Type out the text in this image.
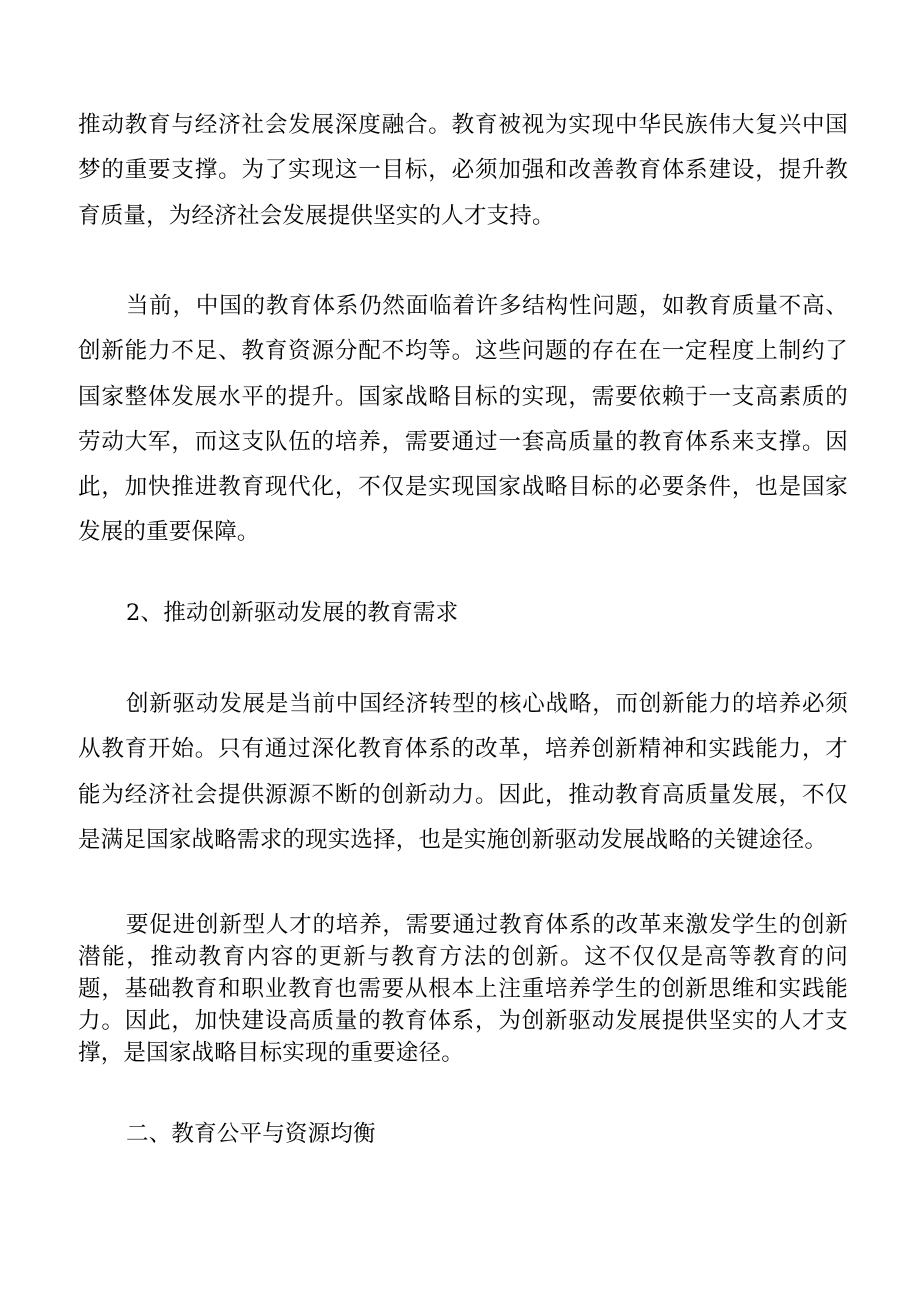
推动教育与经济社会发展深度融合。教育被视为实现中华民族伟大复兴中国梦的重要支撑。为了实现这一目标，必须加强和改善教育体系建设，提升教育质量，为经济社会发展提供坚实的人才支持。

当前，中国的教育体系仍然面临着许多结构性问题，如教育质量不高、创新能力不足、教育资源分配不均等。这些问题的存在在一定程度上制约了国家整体发展水平的提升。国家战略目标的实现，需要依赖于一支高素质的劳动大军，而这支队伍的培养，需要通过一套高质量的教育体系来支撑。因此，加快推进教育现代化，不仅是实现国家战略目标的必要条件，也是国家发展的重要保障。

2、推动创新驱动发展的教育需求

创新驱动发展是当前中国经济转型的核心战略，而创新能力的培养必须从教育开始。只有通过深化教育体系的改革，培养创新精神和实践能力，才能为经济社会提供源源不断的创新动力。因此，推动教育高质量发展，不仅是满足国家战略需求的现实选择，也是实施创新驱动发展战略的关键途径。

要促进创新型人才的培养，需要通过教育体系的改革来激发学生的创新潜能，推动教育内容的更新与教育方法的创新。这不仅仅是高等教育的问题，基础教育和职业教育也需要从根本上注重培养学生的创新思维和实践能力。因此，加快建设高质量的教育体系，为创新驱动发展提供坚实的人才支撑，是国家战略目标实现的重要途径。

二、教育公平与资源均衡
